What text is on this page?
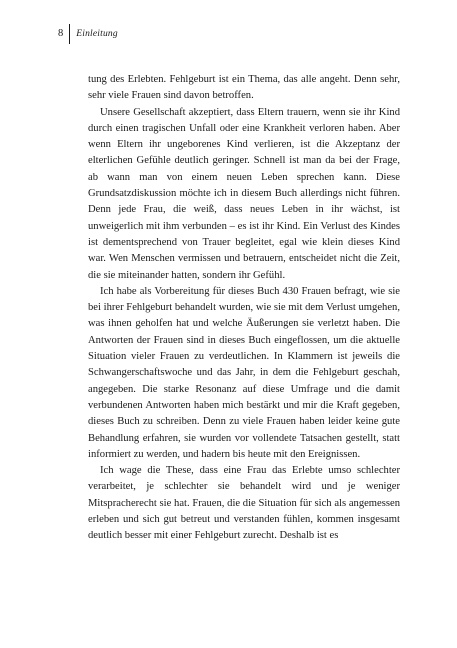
8	Einleitung

tung des Erlebten. Fehlgeburt ist ein Thema, das alle angeht. Denn sehr, sehr viele Frauen sind davon betroffen.

Unsere Gesellschaft akzeptiert, dass Eltern trauern, wenn sie ihr Kind durch einen tragischen Unfall oder eine Krankheit verloren haben. Aber wenn Eltern ihr ungeborenes Kind verlieren, ist die Akzeptanz der elterlichen Gefühle deutlich geringer. Schnell ist man da bei der Frage, ab wann man von einem neuen Leben sprechen kann. Diese Grundsatzdiskussion möchte ich in diesem Buch allerdings nicht führen. Denn jede Frau, die weiß, dass neues Leben in ihr wächst, ist unweigerlich mit ihm verbunden – es ist ihr Kind. Ein Verlust des Kindes ist dementsprechend von Trauer begleitet, egal wie klein dieses Kind war. Wen Menschen vermissen und betrauern, entscheidet nicht die Zeit, die sie miteinander hatten, sondern ihr Gefühl.

Ich habe als Vorbereitung für dieses Buch 430 Frauen befragt, wie sie bei ihrer Fehlgeburt behandelt wurden, wie sie mit dem Verlust umgehen, was ihnen geholfen hat und welche Äußerungen sie verletzt haben. Die Antworten der Frauen sind in dieses Buch eingeflossen, um die aktuelle Situation vieler Frauen zu verdeutlichen. In Klammern ist jeweils die Schwangerschaftswoche und das Jahr, in dem die Fehlgeburt geschah, angegeben. Die starke Resonanz auf diese Umfrage und die damit verbundenen Antworten haben mich bestärkt und mir die Kraft gegeben, dieses Buch zu schreiben. Denn zu viele Frauen haben leider keine gute Behandlung erfahren, sie wurden vor vollendete Tatsachen gestellt, statt informiert zu werden, und hadern bis heute mit den Ereignissen.

Ich wage die These, dass eine Frau das Erlebte umso schlechter verarbeitet, je schlechter sie behandelt wird und je weniger Mitspracherecht sie hat. Frauen, die die Situation für sich als angemessen erleben und sich gut betreut und verstanden fühlen, kommen insgesamt deutlich besser mit einer Fehlgeburt zurecht. Deshalb ist es
